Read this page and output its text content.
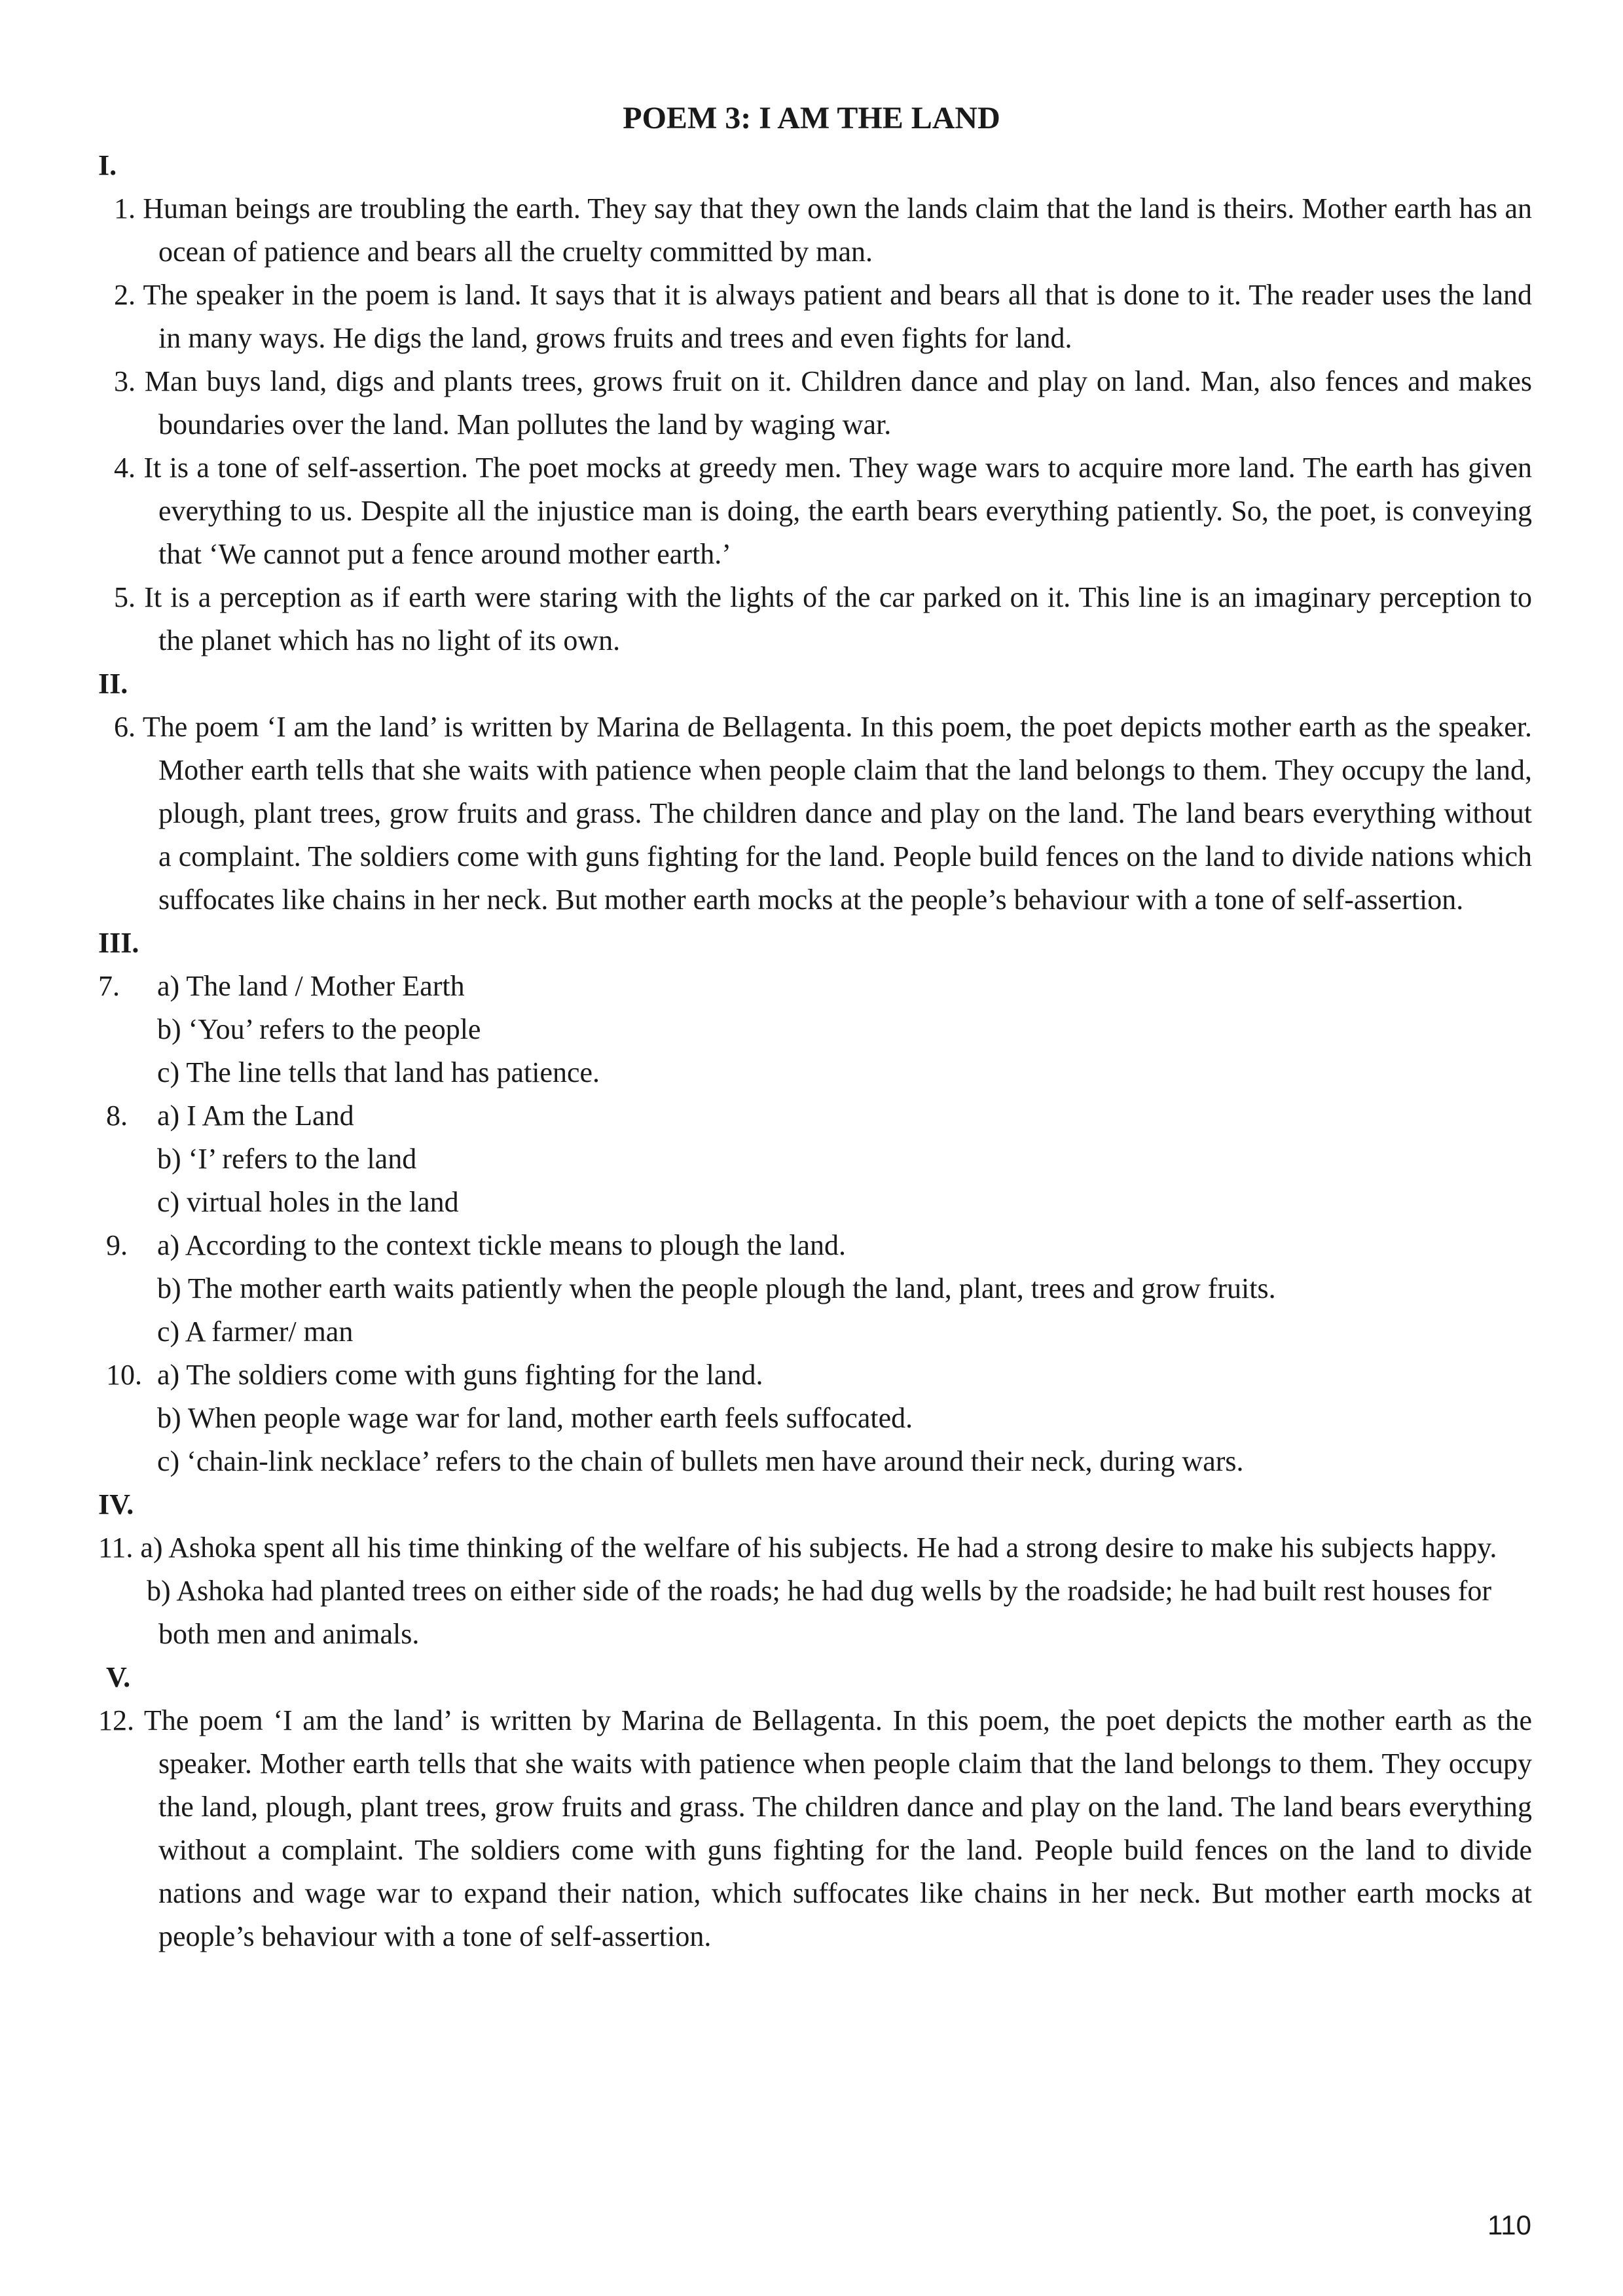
POEM 3: I AM THE LAND
I.
1. Human beings are troubling the earth. They say that they own the lands claim that the land is theirs. Mother earth has an ocean of patience and bears all the cruelty committed by man.
2. The speaker in the poem is land. It says that it is always patient and bears all that is done to it. The reader uses the land in many ways. He digs the land, grows fruits and trees and even fights for land.
3. Man buys land, digs and plants trees, grows fruit on it. Children dance and play on land. Man, also fences and makes boundaries over the land. Man pollutes the land by waging war.
4. It is a tone of self-assertion. The poet mocks at greedy men. They wage wars to acquire more land. The earth has given everything to us. Despite all the injustice man is doing, the earth bears everything patiently. So, the poet, is conveying that ‘We cannot put a fence around mother earth.’
5. It is a perception as if earth were staring with the lights of the car parked on it. This line is an imaginary perception to the planet which has no light of its own.
II.
6. The poem ‘I am the land’ is written by Marina de Bellagenta. In this poem, the poet depicts mother earth as the speaker. Mother earth tells that she waits with patience when people claim that the land belongs to them. They occupy the land, plough, plant trees, grow fruits and grass. The children dance and play on the land. The land bears everything without a complaint. The soldiers come with guns fighting for the land. People build fences on the land to divide nations which suffocates like chains in her neck. But mother earth mocks at the people’s behaviour with a tone of self-assertion.
III.
7. a) The land / Mother Earth
b) ‘You’ refers to the people
c) The line tells that land has patience.
8. a) I Am the Land
b) ‘I’ refers to the land
c) virtual holes in the land
9. a) According to the context tickle means to plough the land.
b) The mother earth waits patiently when the people plough the land, plant, trees and grow fruits.
c) A farmer/ man
10. a) The soldiers come with guns fighting for the land.
b) When people wage war for land, mother earth feels suffocated.
c) ‘chain-link necklace’ refers to the chain of bullets men have around their neck, during wars.
IV.
11. a) Ashoka spent all his time thinking of the welfare of his subjects. He had a strong desire to make his subjects happy.
b) Ashoka had planted trees on either side of the roads; he had dug wells by the roadside; he had built rest houses for both men and animals.
V.
12. The poem ‘I am the land’ is written by Marina de Bellagenta. In this poem, the poet depicts the mother earth as the speaker. Mother earth tells that she waits with patience when people claim that the land belongs to them. They occupy the land, plough, plant trees, grow fruits and grass. The children dance and play on the land. The land bears everything without a complaint. The soldiers come with guns fighting for the land. People build fences on the land to divide nations and wage war to expand their nation, which suffocates like chains in her neck. But mother earth mocks at people’s behaviour with a tone of self-assertion.
110
